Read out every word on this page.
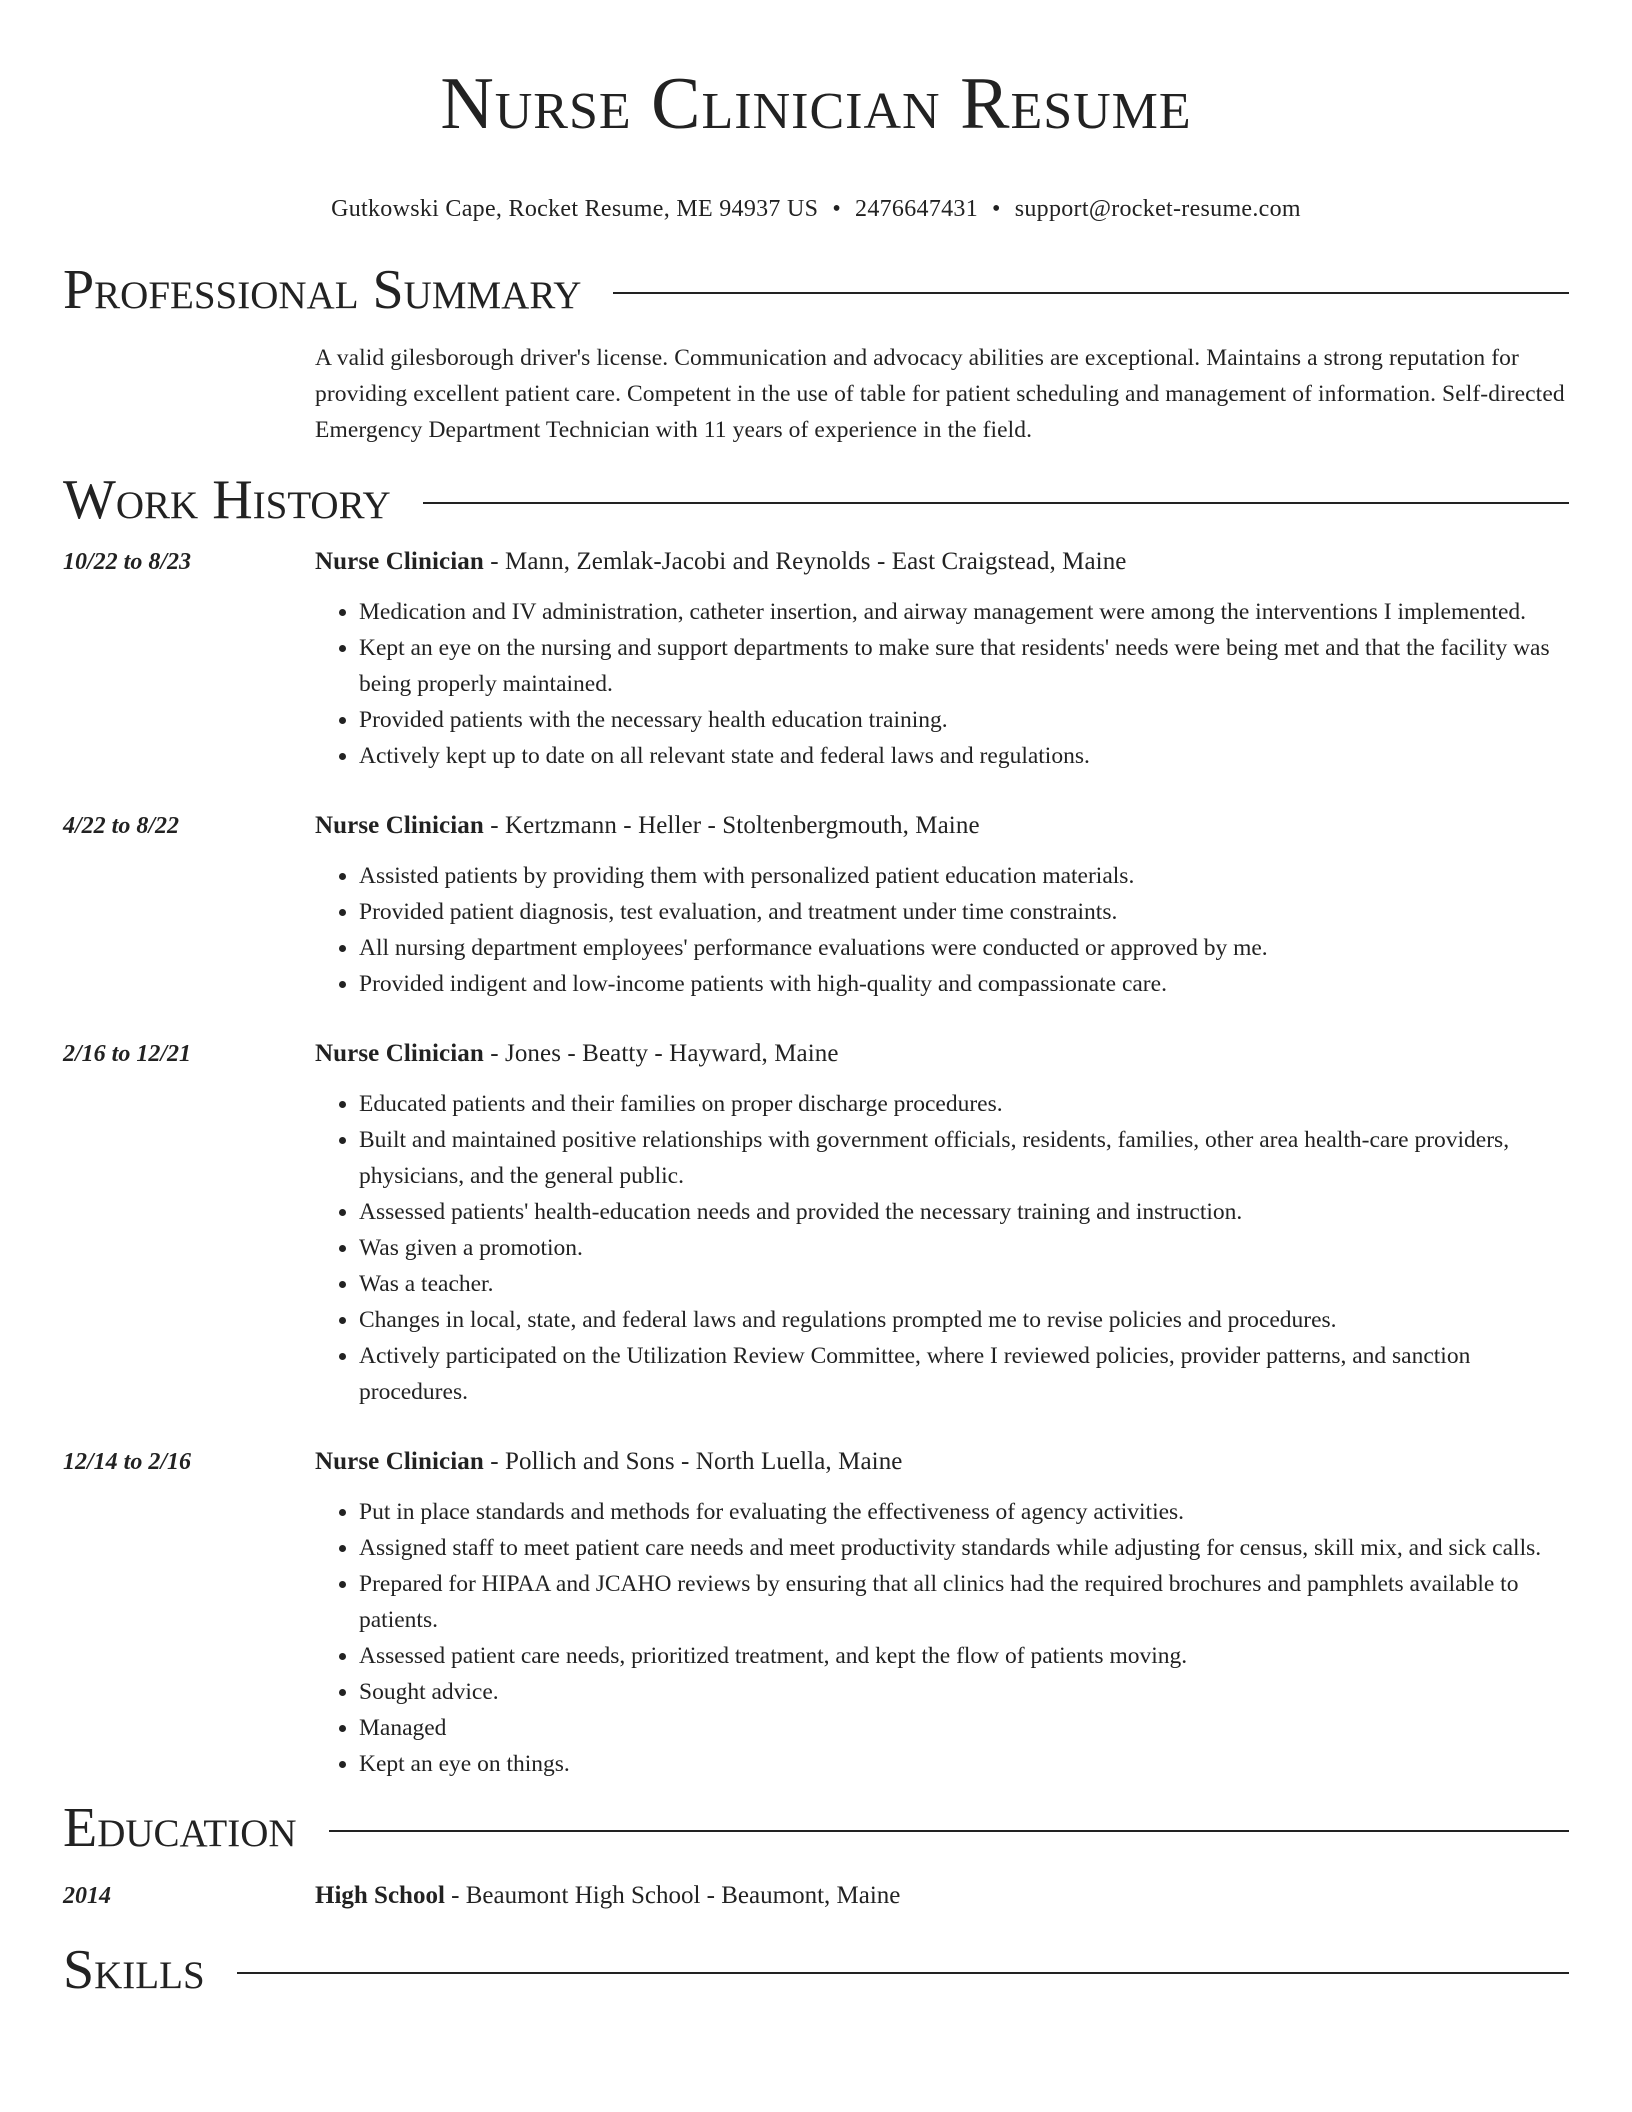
Nurse Clinician Resume
Gutkowski Cape, Rocket Resume, ME 94937 US • 2476647431 • support@rocket-resume.com
Professional Summary
A valid gilesborough driver's license. Communication and advocacy abilities are exceptional. Maintains a strong reputation for providing excellent patient care. Competent in the use of table for patient scheduling and management of information. Self-directed Emergency Department Technician with 11 years of experience in the field.
Work History
10/22 to 8/23	Nurse Clinician - Mann, Zemlak-Jacobi and Reynolds - East Craigstead, Maine
• Medication and IV administration, catheter insertion, and airway management were among the interventions I implemented.
• Kept an eye on the nursing and support departments to make sure that residents' needs were being met and that the facility was being properly maintained.
• Provided patients with the necessary health education training.
• Actively kept up to date on all relevant state and federal laws and regulations.
4/22 to 8/22	Nurse Clinician - Kertzmann - Heller - Stoltenbergmouth, Maine
• Assisted patients by providing them with personalized patient education materials.
• Provided patient diagnosis, test evaluation, and treatment under time constraints.
• All nursing department employees' performance evaluations were conducted or approved by me.
• Provided indigent and low-income patients with high-quality and compassionate care.
2/16 to 12/21	Nurse Clinician - Jones - Beatty - Hayward, Maine
• Educated patients and their families on proper discharge procedures.
• Built and maintained positive relationships with government officials, residents, families, other area health-care providers, physicians, and the general public.
• Assessed patients' health-education needs and provided the necessary training and instruction.
• Was given a promotion.
• Was a teacher.
• Changes in local, state, and federal laws and regulations prompted me to revise policies and procedures.
• Actively participated on the Utilization Review Committee, where I reviewed policies, provider patterns, and sanction procedures.
12/14 to 2/16	Nurse Clinician - Pollich and Sons - North Luella, Maine
• Put in place standards and methods for evaluating the effectiveness of agency activities.
• Assigned staff to meet patient care needs and meet productivity standards while adjusting for census, skill mix, and sick calls.
• Prepared for HIPAA and JCAHO reviews by ensuring that all clinics had the required brochures and pamphlets available to patients.
• Assessed patient care needs, prioritized treatment, and kept the flow of patients moving.
• Sought advice.
• Managed
• Kept an eye on things.
Education
2014	High School - Beaumont High School - Beaumont, Maine
Skills
